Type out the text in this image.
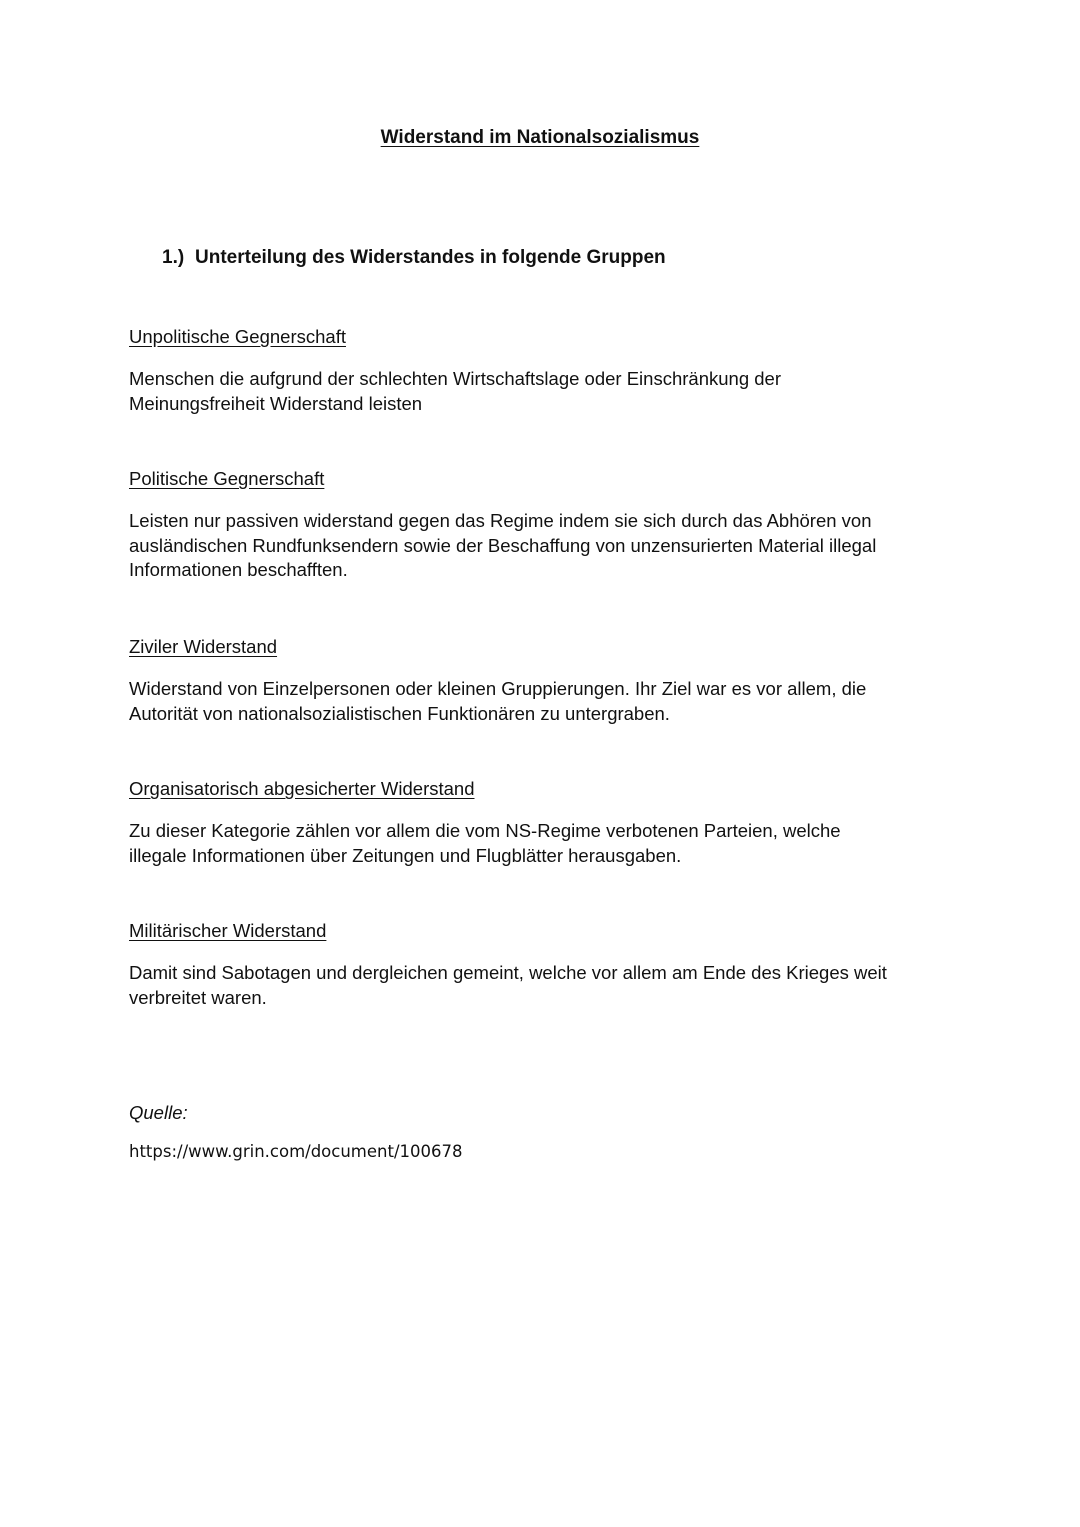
Widerstand im Nationalsozialismus
1.) Unterteilung des Widerstandes in folgende Gruppen
Unpolitische Gegnerschaft

Menschen die aufgrund der schlechten Wirtschaftslage oder Einschränkung der
Meinungsfreiheit Widerstand leisten

Politische Gegnerschaft

Leisten nur passiven widerstand gegen das Regime indem sie sich durch das Abhören von
ausländischen Rundfunksendern sowie der Beschaffung von unzensurierten Material illegal
Informationen beschafften.

Ziviler Widerstand

Widerstand von Einzelpersonen oder kleinen Gruppierungen. Ihr Ziel war es vor allem, die
Autorität von nationalsozialistischen Funktionären zu untergraben.

Organisatorisch abgesicherter Widerstand

Zu dieser Kategorie zählen vor allem die vom NS-Regime verbotenen Parteien, welche
illegale Informationen über Zeitungen und Flugblätter herausgaben.

Militärischer Widerstand

Damit sind Sabotagen und dergleichen gemeint, welche vor allem am Ende des Krieges weit
verbreitet waren.

Quelle:

https://www.grin.com/document/100678
